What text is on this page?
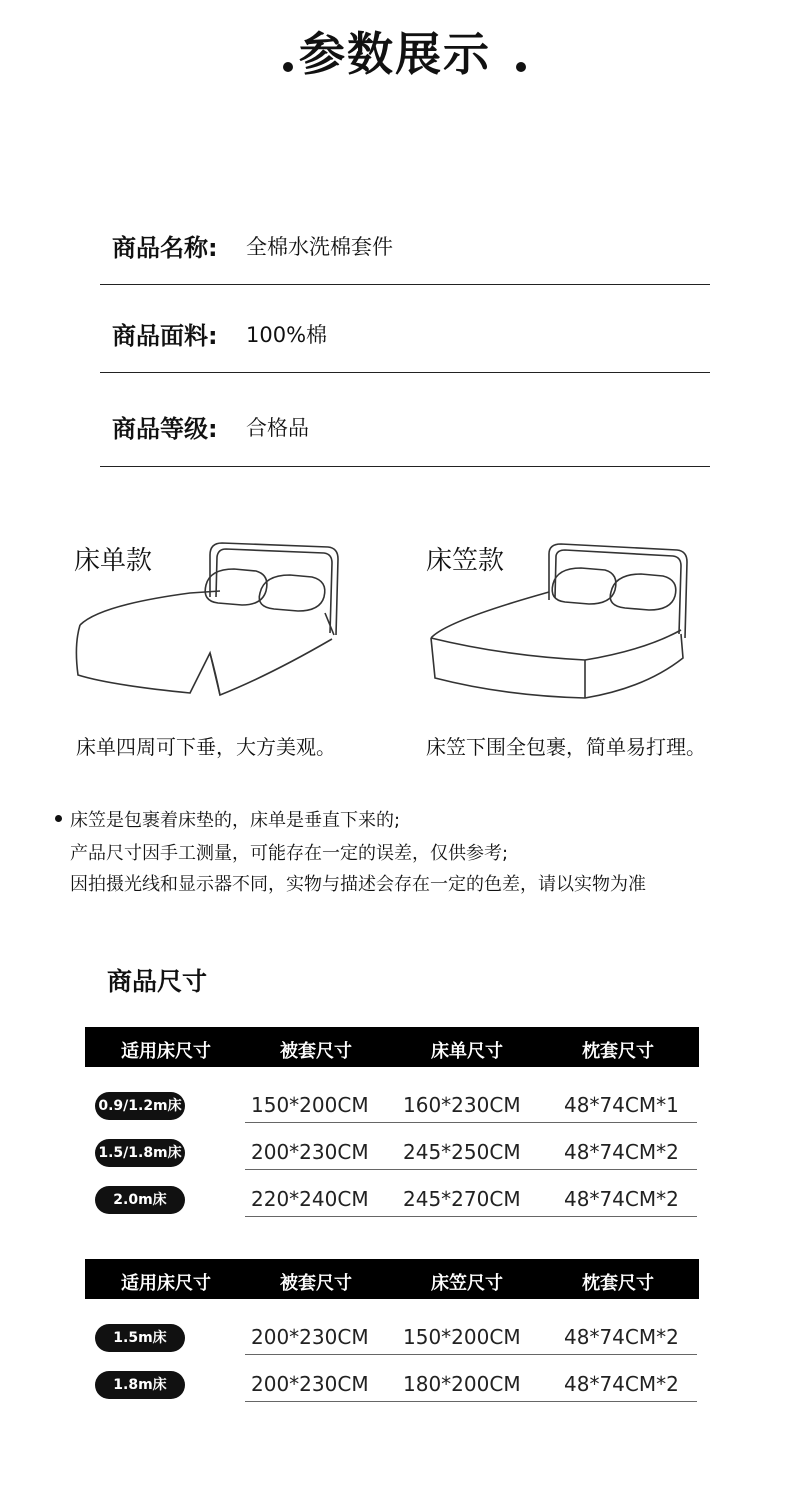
参数展示
商品名称: 全棉水洗棉套件
商品面料: 100%棉
商品等级: 合格品
床单款
床单四周可下垂，大方美观。
床笠款
床笠下围全包裹，简单易打理。
床笠是包裹着床垫的，床单是垂直下来的;
产品尺寸因手工测量，可能存在一定的误差，仅供参考;
因拍摄光线和显示器不同，实物与描述会存在一定的色差，请以实物为准
商品尺寸
适用床尺寸	被套尺寸	床单尺寸	枕套尺寸
0.9/1.2m床	150*200CM 160*230CM 48*74CM*1
1.5/1.8m床	200*230CM 245*250CM 48*74CM*2
2.0m床	220*240CM 245*270CM 48*74CM*2
适用床尺寸	被套尺寸	床笠尺寸	枕套尺寸
1.5m床	200*230CM 150*200CM 48*74CM*2
1.8m床	200*230CM 180*200CM 48*74CM*2
